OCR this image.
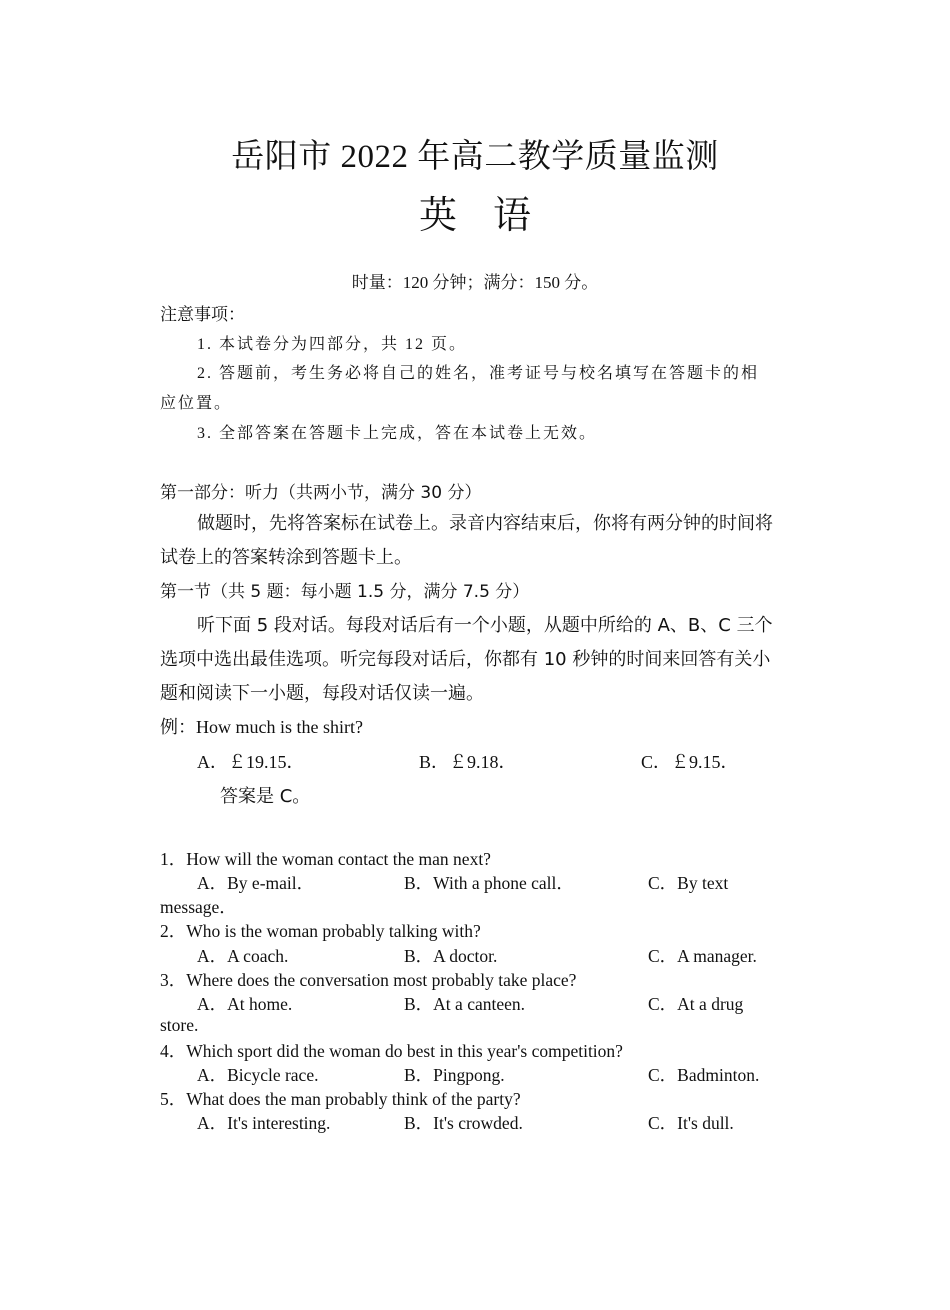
岳阳市 2022 年高二教学质量监测
英语
时量：120 分钟；满分：150 分。
注意事项：
1. 本试卷分为四部分，共 12 页。
2. 答题前，考生务必将自己的姓名，准考证号与校名填写在答题卡的相
应位置。
3. 全部答案在答题卡上完成，答在本试卷上无效。
第一部分：听力（共两小节，满分 30 分）
做题时，先将答案标在试卷上。录音内容结束后，你将有两分钟的时间将
试卷上的答案转涂到答题卡上。
第一节（共 5 题：每小题 1.5 分，满分 7.5 分）
听下面 5 段对话。每段对话后有一个小题，从题中所给的 A、B、C 三个
选项中选出最佳选项。听完每段对话后，你都有 10 秒钟的时间来回答有关小
题和阅读下一小题，每段对话仅读一遍。
例：How much is the shirt?
A．￡19.15．	B．￡9.18．	C．￡9.15．
答案是 C。
1．How will the woman contact the man next?
A．By e-mail．	B．With a phone call．	C．By text
message．
2．Who is the woman probably talking with?
A．A coach.	B．A doctor.	C．A manager.
3．Where does the conversation most probably take place?
A．At home.	B．At a canteen.	C．At a drug
store.
4．Which sport did the woman do best in this year's competition?
A．Bicycle race.	B．Pingpong.	C．Badminton.
5．What does the man probably think of the party?
A．It's interesting.	B．It's crowded.	C．It's dull.
